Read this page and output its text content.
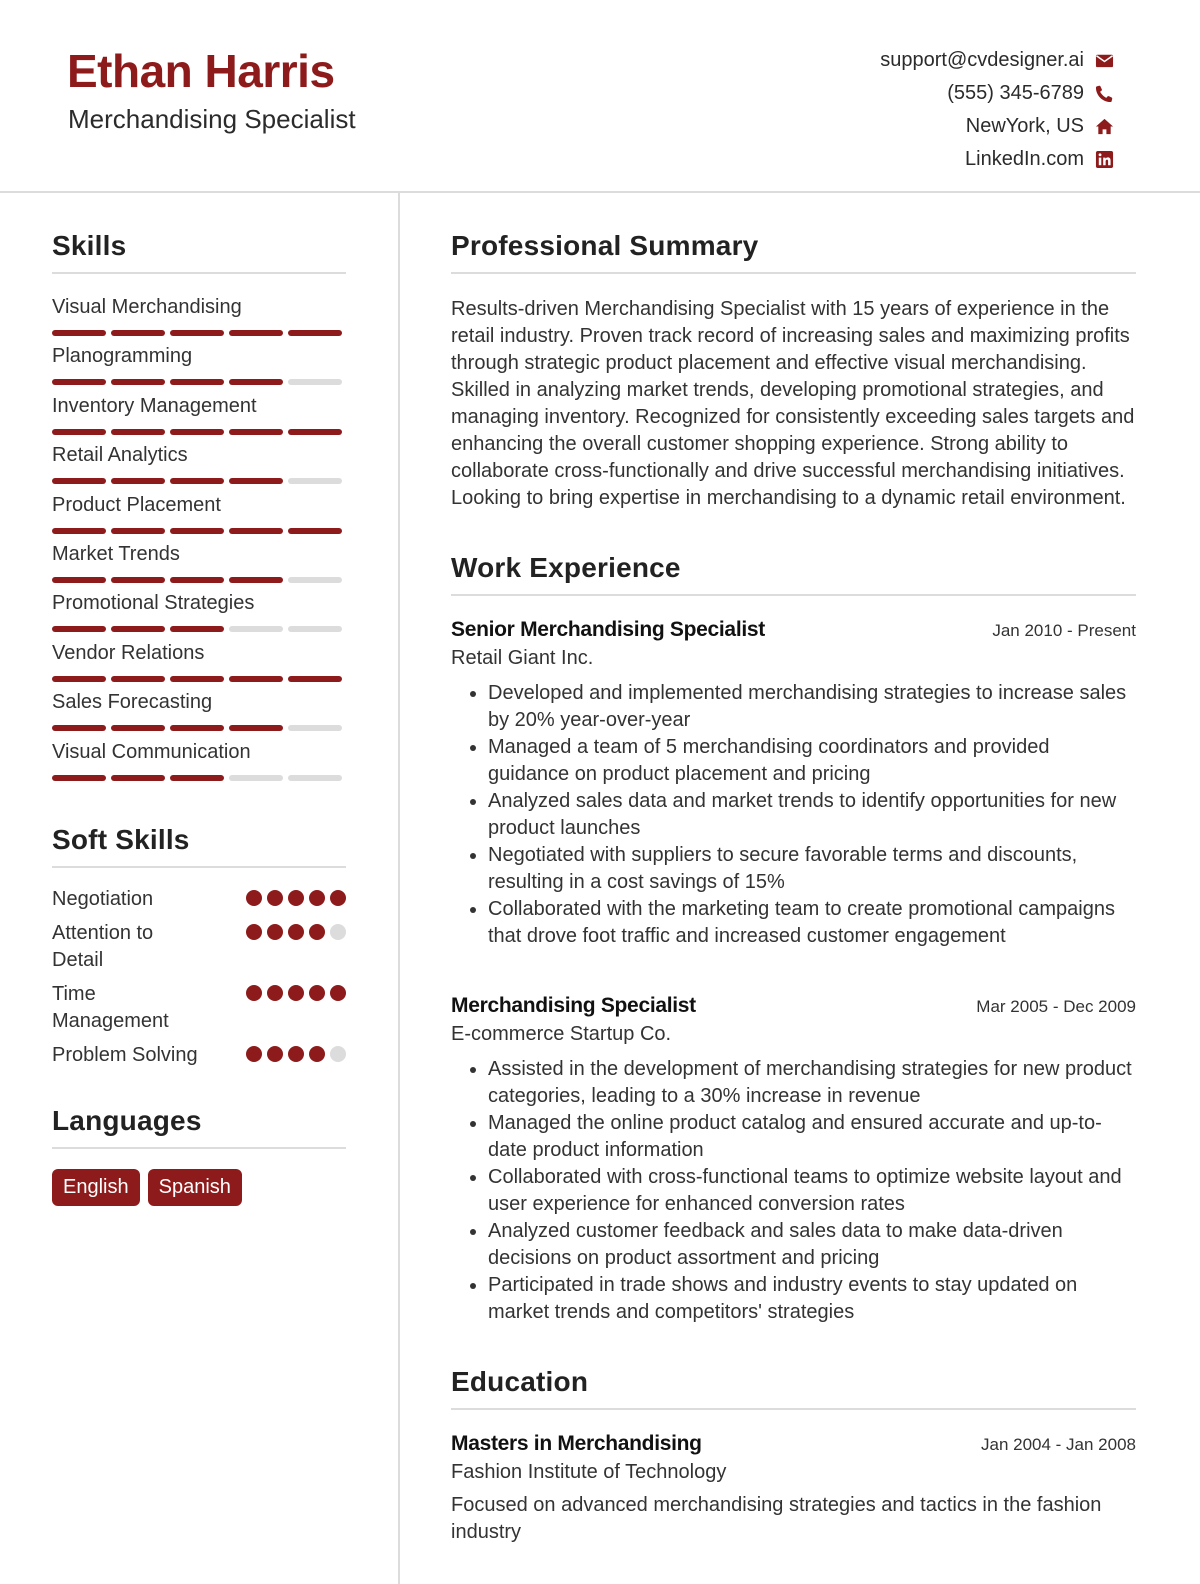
Ethan Harris
Merchandising Specialist
support@cvdesigner.ai
(555) 345-6789
NewYork, US
LinkedIn.com
Skills
Visual Merchandising
Planogramming
Inventory Management
Retail Analytics
Product Placement
Market Trends
Promotional Strategies
Vendor Relations
Sales Forecasting
Visual Communication
Soft Skills
Negotiation
Attention to Detail
Time Management
Problem Solving
Languages
English	Spanish
Professional Summary
Results-driven Merchandising Specialist with 15 years of experience in the retail industry. Proven track record of increasing sales and maximizing profits through strategic product placement and effective visual merchandising. Skilled in analyzing market trends, developing promotional strategies, and managing inventory. Recognized for consistently exceeding sales targets and enhancing the overall customer shopping experience. Strong ability to collaborate cross-functionally and drive successful merchandising initiatives. Looking to bring expertise in merchandising to a dynamic retail environment.
Work Experience
Senior Merchandising Specialist	Jan 2010 - Present
Retail Giant Inc.
• Developed and implemented merchandising strategies to increase sales by 20% year-over-year
• Managed a team of 5 merchandising coordinators and provided guidance on product placement and pricing
• Analyzed sales data and market trends to identify opportunities for new product launches
• Negotiated with suppliers to secure favorable terms and discounts, resulting in a cost savings of 15%
• Collaborated with the marketing team to create promotional campaigns that drove foot traffic and increased customer engagement
Merchandising Specialist	Mar 2005 - Dec 2009
E-commerce Startup Co.
• Assisted in the development of merchandising strategies for new product categories, leading to a 30% increase in revenue
• Managed the online product catalog and ensured accurate and up-to-date product information
• Collaborated with cross-functional teams to optimize website layout and user experience for enhanced conversion rates
• Analyzed customer feedback and sales data to make data-driven decisions on product assortment and pricing
• Participated in trade shows and industry events to stay updated on market trends and competitors' strategies
Education
Masters in Merchandising	Jan 2004 - Jan 2008
Fashion Institute of Technology
Focused on advanced merchandising strategies and tactics in the fashion industry
